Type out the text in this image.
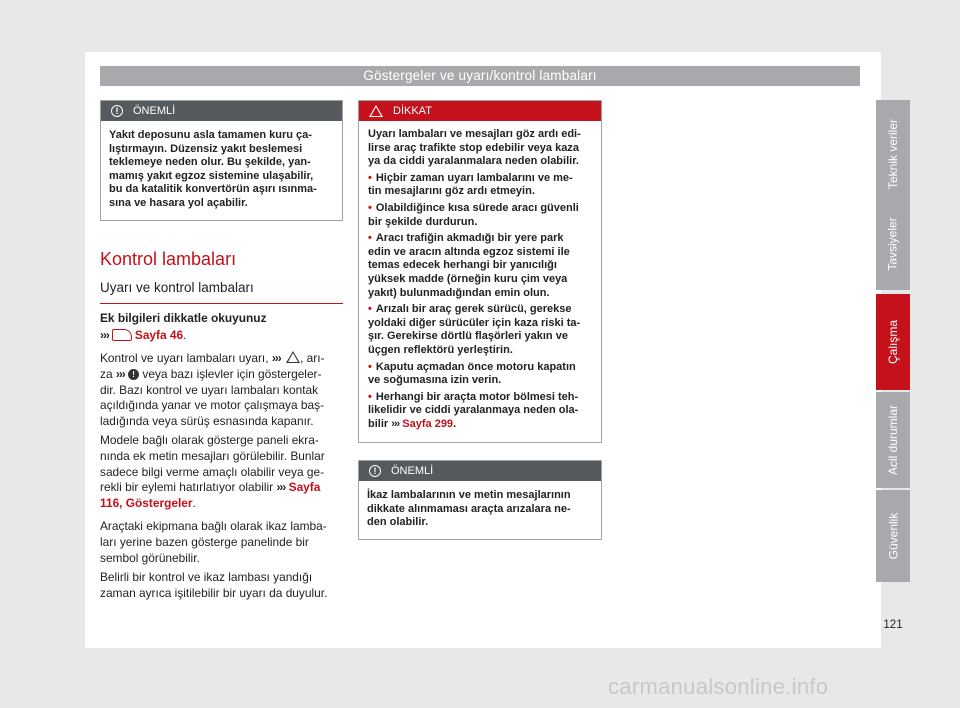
Göstergeler ve uyarı/kontrol lambaları
!	ÖNEMLİ
Yakıt deposunu asla tamamen kuru ça-
lıştırmayın. Düzensiz yakıt beslemesi
teklemeye neden olur. Bu şekilde, yan-
mamış yakıt egzoz sistemine ulaşabilir,
bu da katalitik konvertörün aşırı ısınma-
sına ve hasara yol açabilir.
Kontrol lambaları
Uyarı ve kontrol lambaları
Ek bilgileri dikkatle okuyunuz
››› Sayfa 46.
Kontrol ve uyarı lambaları uyarı, ››› , arı-
za ››› ! veya bazı işlevler için göstergeler-
dir. Bazı kontrol ve uyarı lambaları kontak
açıldığında yanar ve motor çalışmaya baş-
ladığında veya sürüş esnasında kapanır.
Modele bağlı olarak gösterge paneli ekra-
nında ek metin mesajları görülebilir. Bunlar
sadece bilgi verme amaçlı olabilir veya ge-
rekli bir eylemi hatırlatıyor olabilir ››› Sayfa
116, Göstergeler.
Araçtaki ekipmana bağlı olarak ikaz lamba-
ları yerine bazen gösterge panelinde bir
sembol görünebilir.
Belirli bir kontrol ve ikaz lambası yandığı
zaman ayrıca işitilebilir bir uyarı da duyulur.
DİKKAT

Uyarı lambaları ve mesajları göz ardı edi-
lirse araç trafikte stop edebilir veya kaza
ya da ciddi yaralanmalara neden olabilir.

• Hiçbir zaman uyarı lambalarını ve me-
tin mesajlarını göz ardı etmeyin.

• Olabildiğince kısa sürede aracı güvenli
bir şekilde durdurun.

• Aracı trafiğin akmadığı bir yere park
edin ve aracın altında egzoz sistemi ile
temas edecek herhangi bir yanıcılığı
yüksek madde (örneğin kuru çim veya
yakıt) bulunmadığından emin olun.

• Arızalı bir araç gerek sürücü, gerekse
yoldaki diğer sürücüler için kaza riski ta-
şır. Gerekirse dörtlü flaşörleri yakın ve
üçgen reflektörü yerleştirin.

• Kaputu açmadan önce motoru kapatın
ve soğumasına izin verin.

• Herhangi bir araçta motor bölmesi teh-
likelidir ve ciddi yaralanmaya neden ola-
bilir ››› Sayfa 299.

!	ÖNEMLİ
İkaz lambalarının ve metin mesajlarının
dikkate alınmaması araçta arızalara ne-
den olabilir.
Teknik veriler
Tavsiyeler
Çalışma
Acil durumlar
Güvenlik
121
carmanualsonline.info
